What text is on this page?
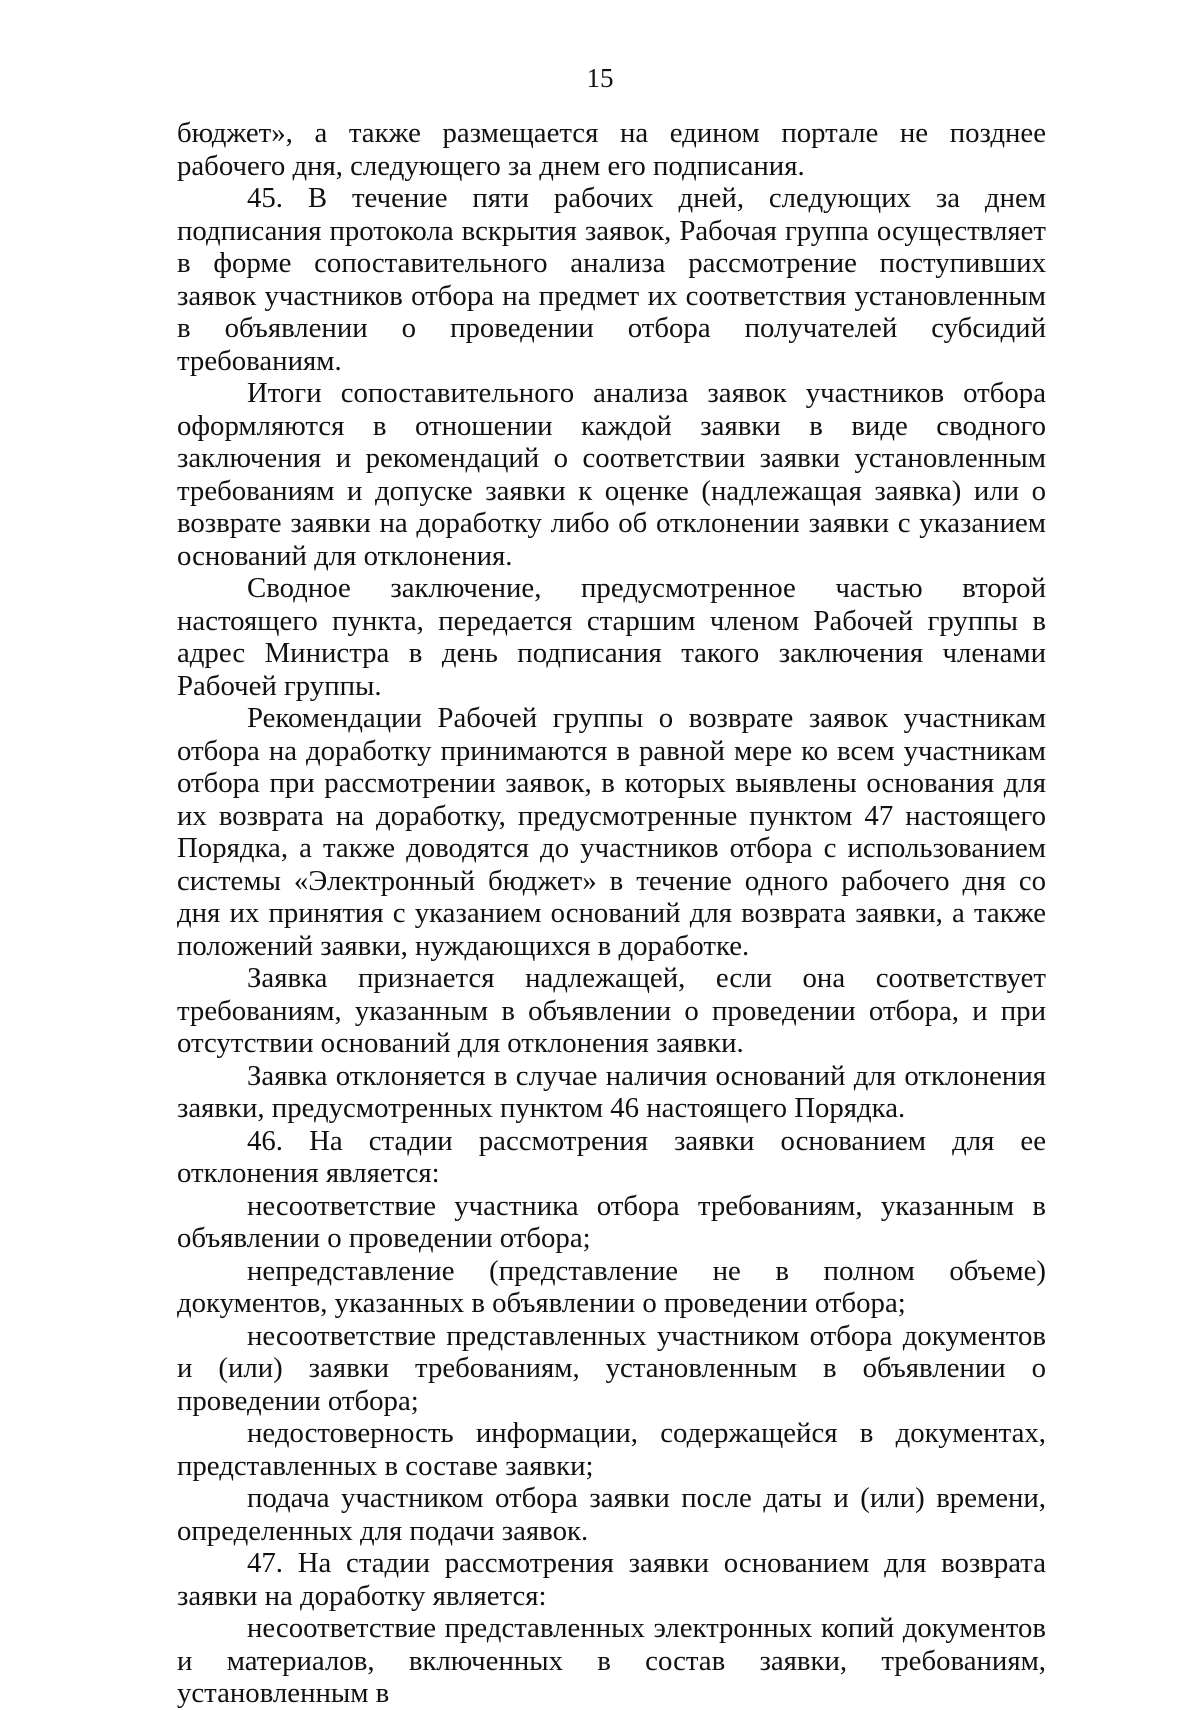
15

бюджет», а также размещается на едином портале не позднее рабочего дня, следующего за днем его подписания.

45. В течение пяти рабочих дней, следующих за днем подписания протокола вскрытия заявок, Рабочая группа осуществляет в форме сопоставительного анализа рассмотрение поступивших заявок участников отбора на предмет их соответствия установленным в объявлении о проведении отбора получателей субсидий требованиям.

Итоги сопоставительного анализа заявок участников отбора оформляются в отношении каждой заявки в виде сводного заключения и рекомендаций о соответствии заявки установленным требованиям и допуске заявки к оценке (надлежащая заявка) или о возврате заявки на доработку либо об отклонении заявки с указанием оснований для отклонения.

Сводное заключение, предусмотренное частью второй настоящего пункта, передается старшим членом Рабочей группы в адрес Министра в день подписания такого заключения членами Рабочей группы.

Рекомендации Рабочей группы о возврате заявок участникам отбора на доработку принимаются в равной мере ко всем участникам отбора при рассмотрении заявок, в которых выявлены основания для их возврата на доработку, предусмотренные пунктом 47 настоящего Порядка, а также доводятся до участников отбора с использованием системы «Электронный бюджет» в течение одного рабочего дня со дня их принятия с указанием оснований для возврата заявки, а также положений заявки, нуждающихся в доработке.

Заявка признается надлежащей, если она соответствует требованиям, указанным в объявлении о проведении отбора, и при отсутствии оснований для отклонения заявки.

Заявка отклоняется в случае наличия оснований для отклонения заявки, предусмотренных пунктом 46 настоящего Порядка.

46. На стадии рассмотрения заявки основанием для ее отклонения является:

несоответствие участника отбора требованиям, указанным в объявлении о проведении отбора;

непредставление (представление не в полном объеме) документов, указанных в объявлении о проведении отбора;

несоответствие представленных участником отбора документов и (или) заявки требованиям, установленным в объявлении о проведении отбора;

недостоверность информации, содержащейся в документах, представленных в составе заявки;

подача участником отбора заявки после даты и (или) времени, определенных для подачи заявок.

47. На стадии рассмотрения заявки основанием для возврата заявки на доработку является:

несоответствие представленных электронных копий документов и материалов, включенных в состав заявки, требованиям, установленным в
